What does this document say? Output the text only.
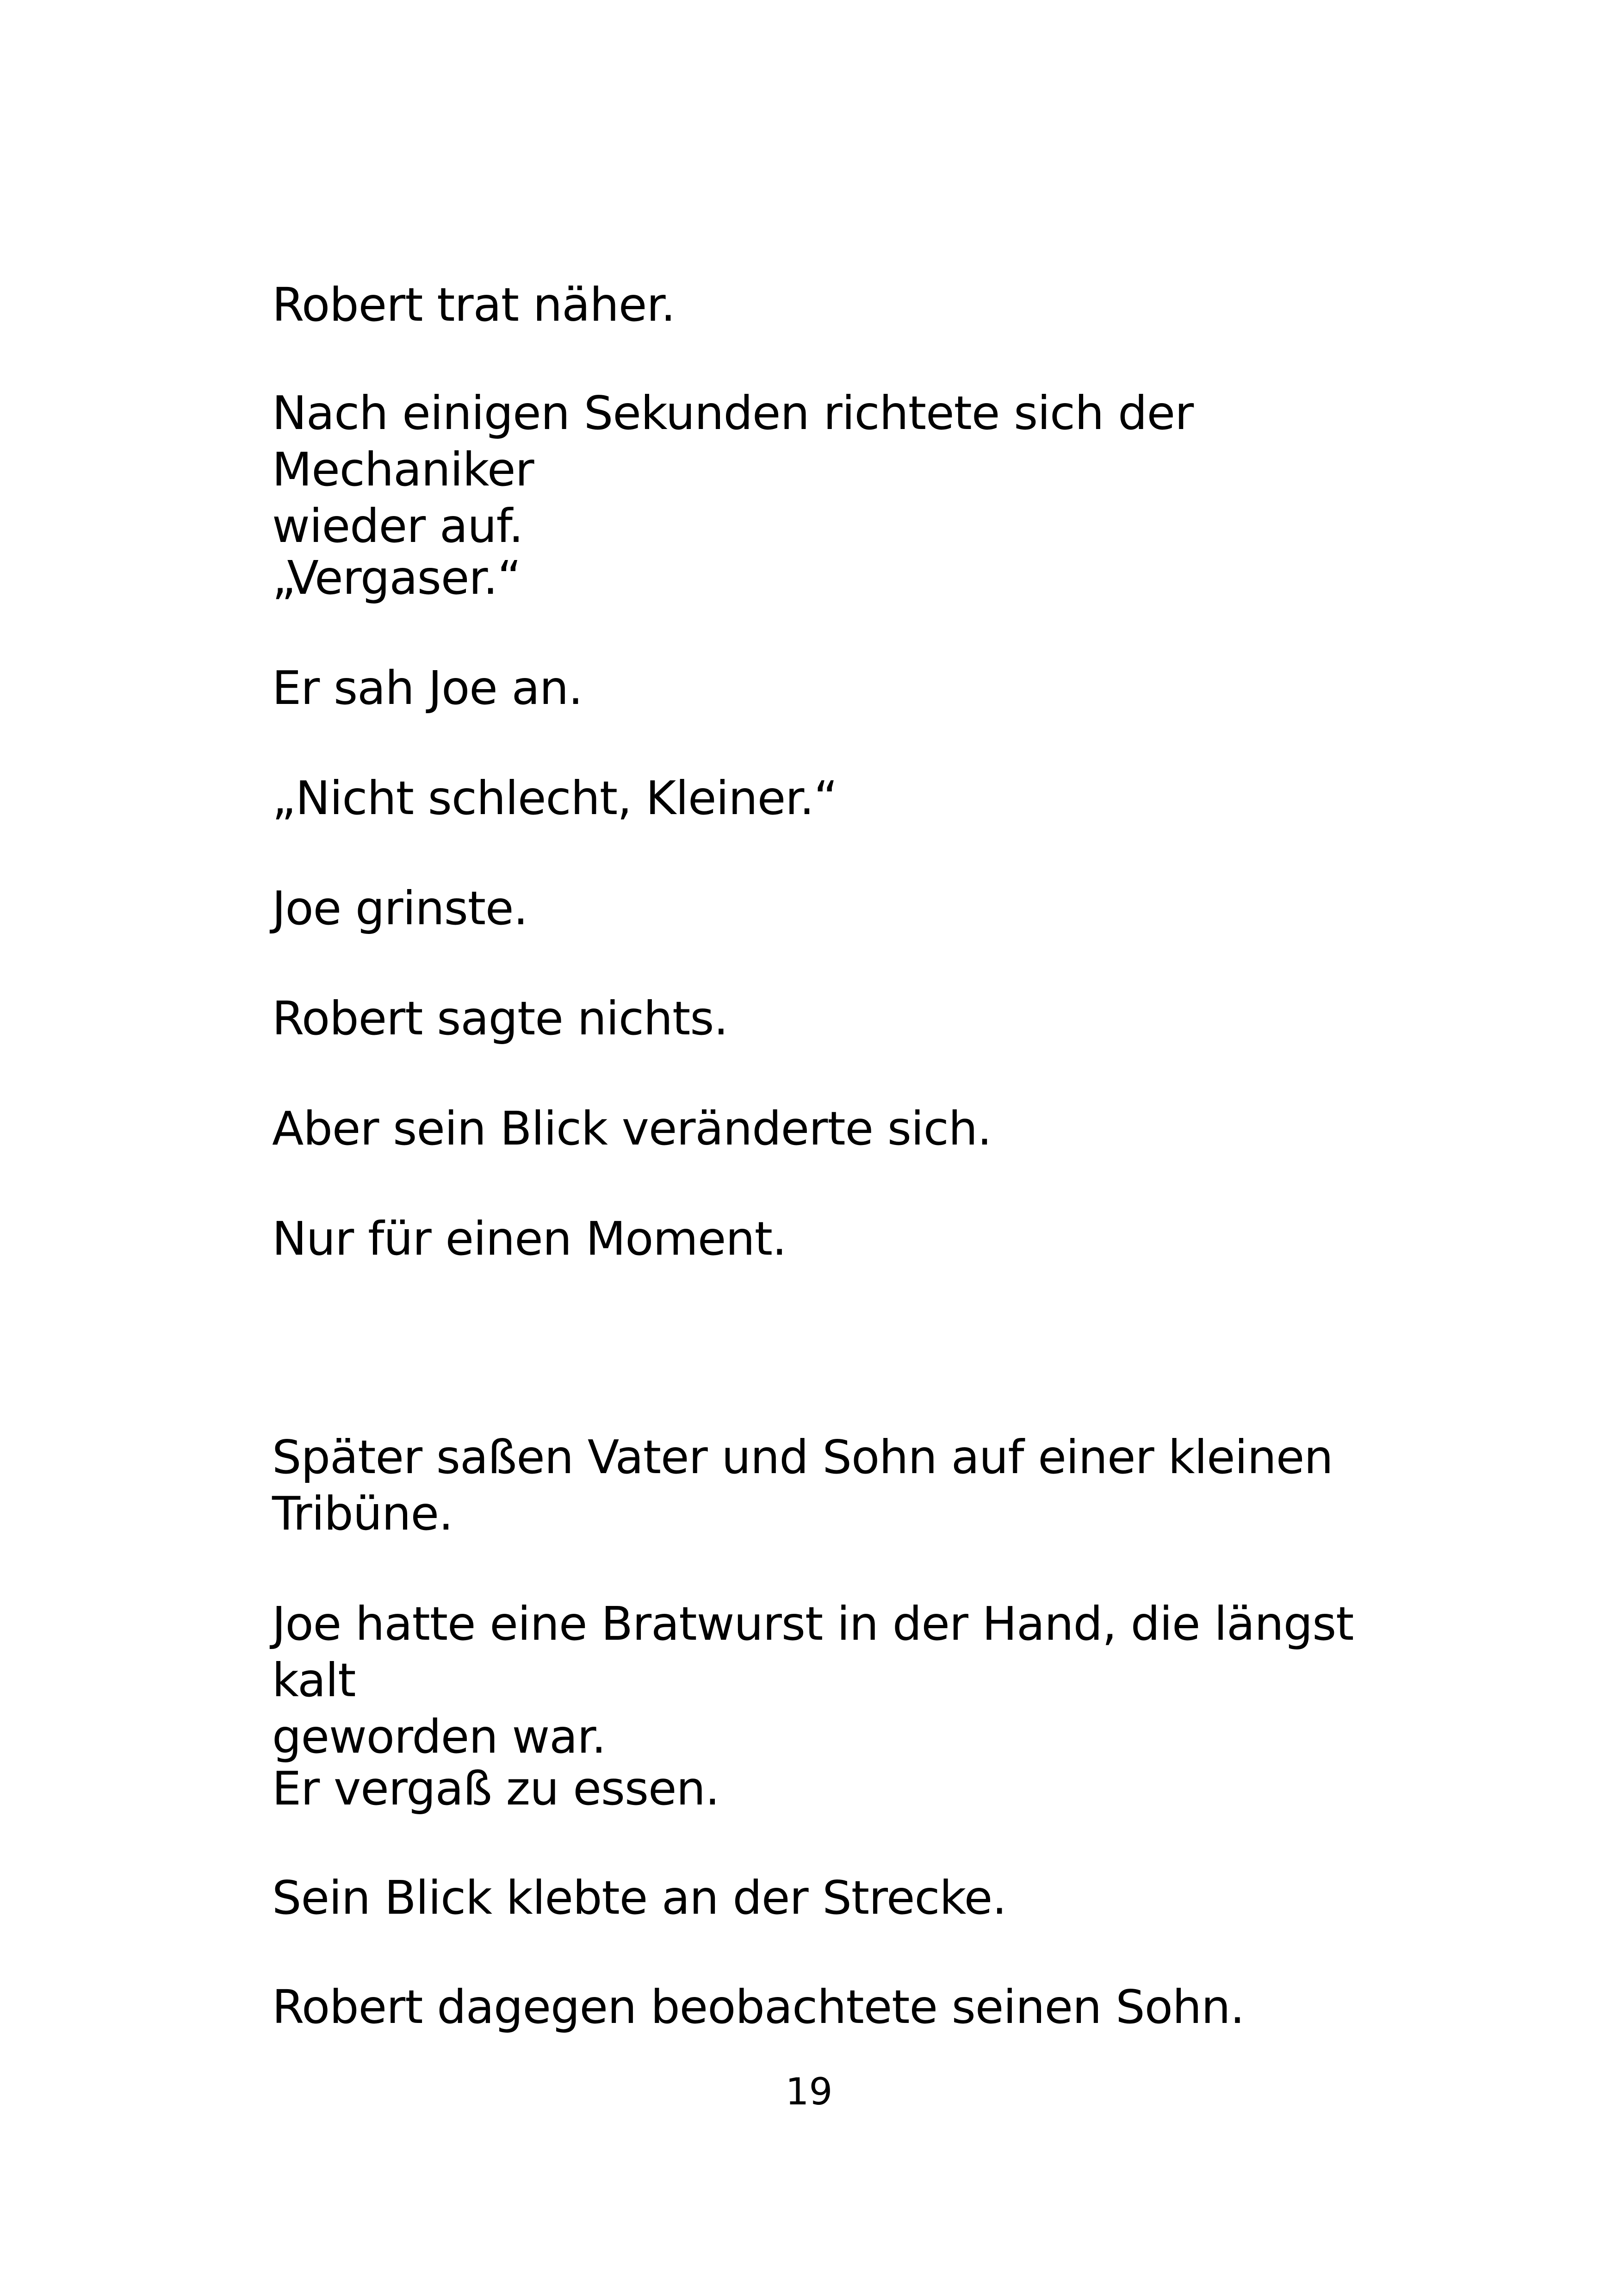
Robert trat näher.

Nach einigen Sekunden richtete sich der Mechaniker
wieder auf.

„Vergaser.“

Er sah Joe an.

„Nicht schlecht, Kleiner.“

Joe grinste.

Robert sagte nichts.

Aber sein Blick veränderte sich.

Nur für einen Moment.

Später saßen Vater und Sohn auf einer kleinen
Tribüne.

Joe hatte eine Bratwurst in der Hand, die längst kalt
geworden war.

Er vergaß zu essen.

Sein Blick klebte an der Strecke.

Robert dagegen beobachtete seinen Sohn.

19
